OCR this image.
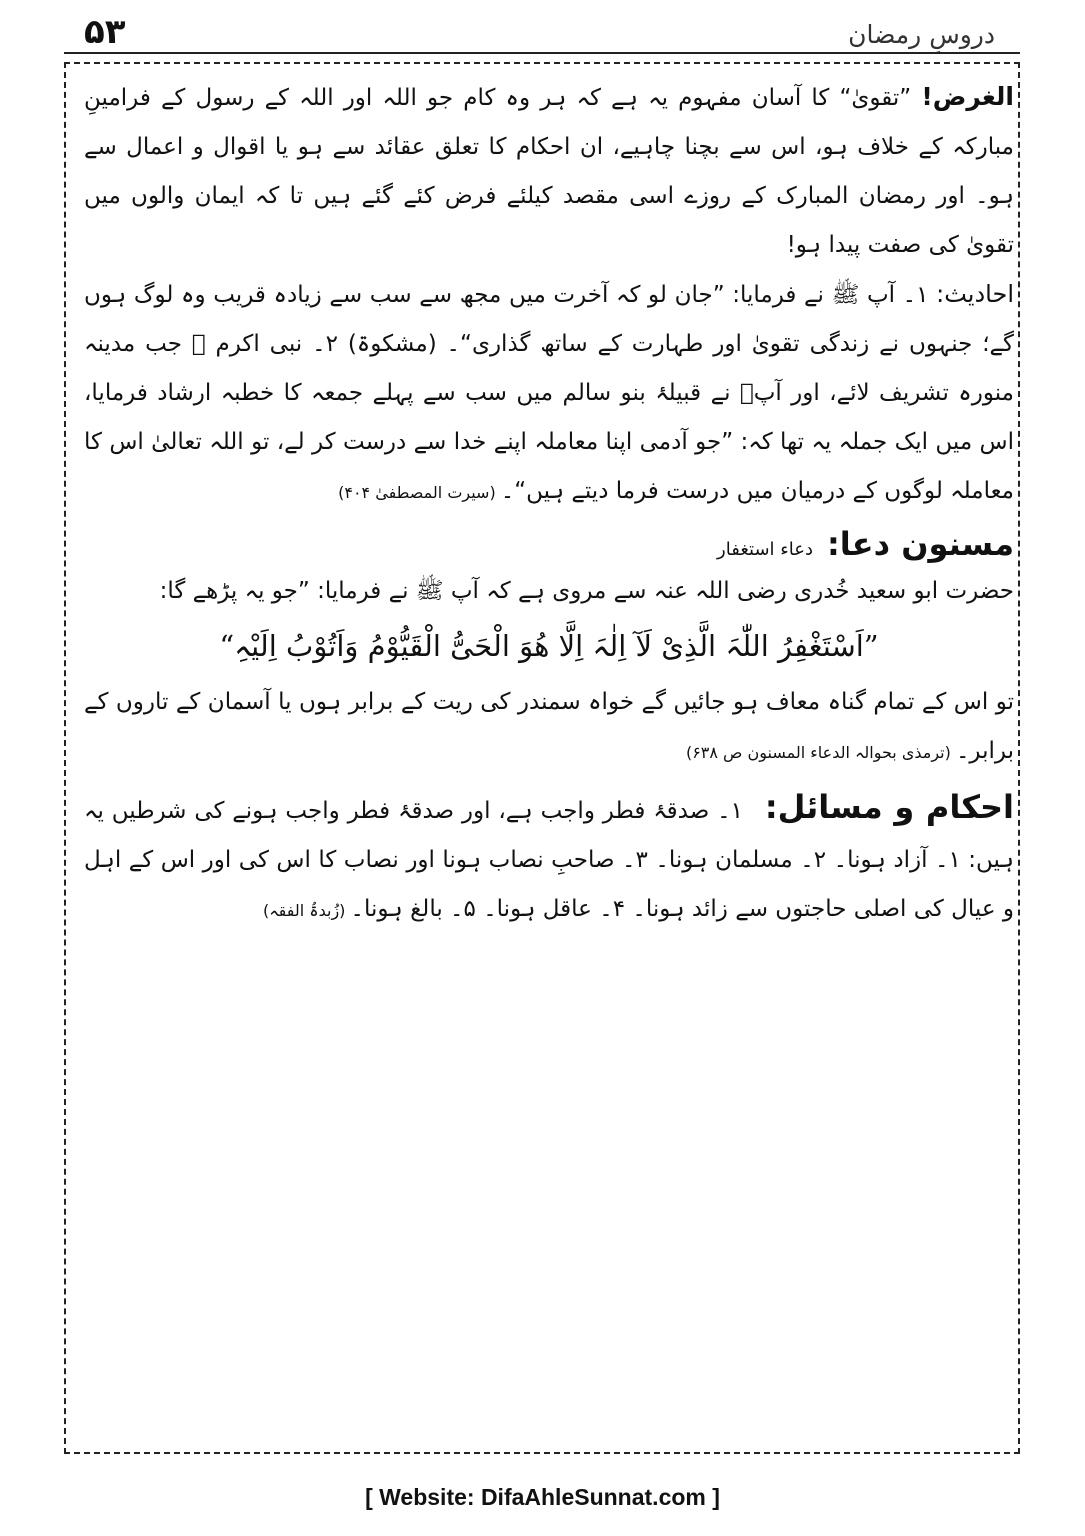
۵۳	دروسِ رمضان

الغرض! ”تقویٰ“ کا آسان مفہوم یہ ہے کہ ہر وہ کام جو اللہ اور اللہ کے رسول کے فرامینِ مبارکہ کے خلاف ہو، اس سے بچنا چاہیے، ان احکام کا تعلق عقائد سے ہو یا اقوال و اعمال سے ہو۔ اور رمضان المبارک کے روزے اسی مقصد کیلئے فرض کئے گئے ہیں تا کہ ایمان والوں میں تقویٰ کی صفت پیدا ہو!

احادیث: ۱۔ آپ ﷺ نے فرمایا: ”جان لو کہ آخرت میں مجھ سے سب سے زیادہ قریب وہ لوگ ہوں گے؛ جنہوں نے زندگی تقویٰ اور طہارت کے ساتھ گذاری“۔ (مشکوۃ) ۲۔ نبی اکرم ﷺ جب مدینہ منورہ تشریف لائے، اور آپؐ نے قبیلۂ بنو سالم میں سب سے پہلے جمعہ کا خطبہ ارشاد فرمایا، اس میں ایک جملہ یہ تھا کہ: ”جو آدمی اپنا معاملہ اپنے خدا سے درست کر لے، تو اللہ تعالیٰ اس کا معاملہ لوگوں کے درمیان میں درست فرما دیتے ہیں“۔ (سیرت المصطفیٰ ۴۰۴)

مسنون دعا:
دعاء استغفار

حضرت ابو سعید خُدری رضی اللہ عنہ سے مروی ہے کہ آپ ﷺ نے فرمایا: ”جو یہ پڑھے گا:

”اَسْتَغْفِرُ اللّٰہَ الَّذِیْ لَآ اِلٰہَ اِلَّا ھُوَ الْحَیُّ الْقَیُّوْمُ وَاَتُوْبُ اِلَیْہِ“

تو اس کے تمام گناہ معاف ہو جائیں گے خواہ سمندر کی ریت کے برابر ہوں یا آسمان کے تاروں کے برابر۔ (ترمذی بحوالہ الدعاء المسنون ص ۶۳۸)

احکام و مسائل: ۱۔ صدقۂ فطر واجب ہے، اور صدقۂ فطر واجب ہونے کی شرطیں یہ ہیں: ۱۔ آزاد ہونا۔ ۲۔ مسلمان ہونا۔ ۳۔ صاحبِ نصاب ہونا اور نصاب کا اس کی اور اس کے اہل و عیال کی اصلی حاجتوں سے زائد ہونا۔ ۴۔ عاقل ہونا۔ ۵۔ بالغ ہونا۔ (زُبدۃُ الفقہ)

[ Website: DifaAhleSunnat.com ]
